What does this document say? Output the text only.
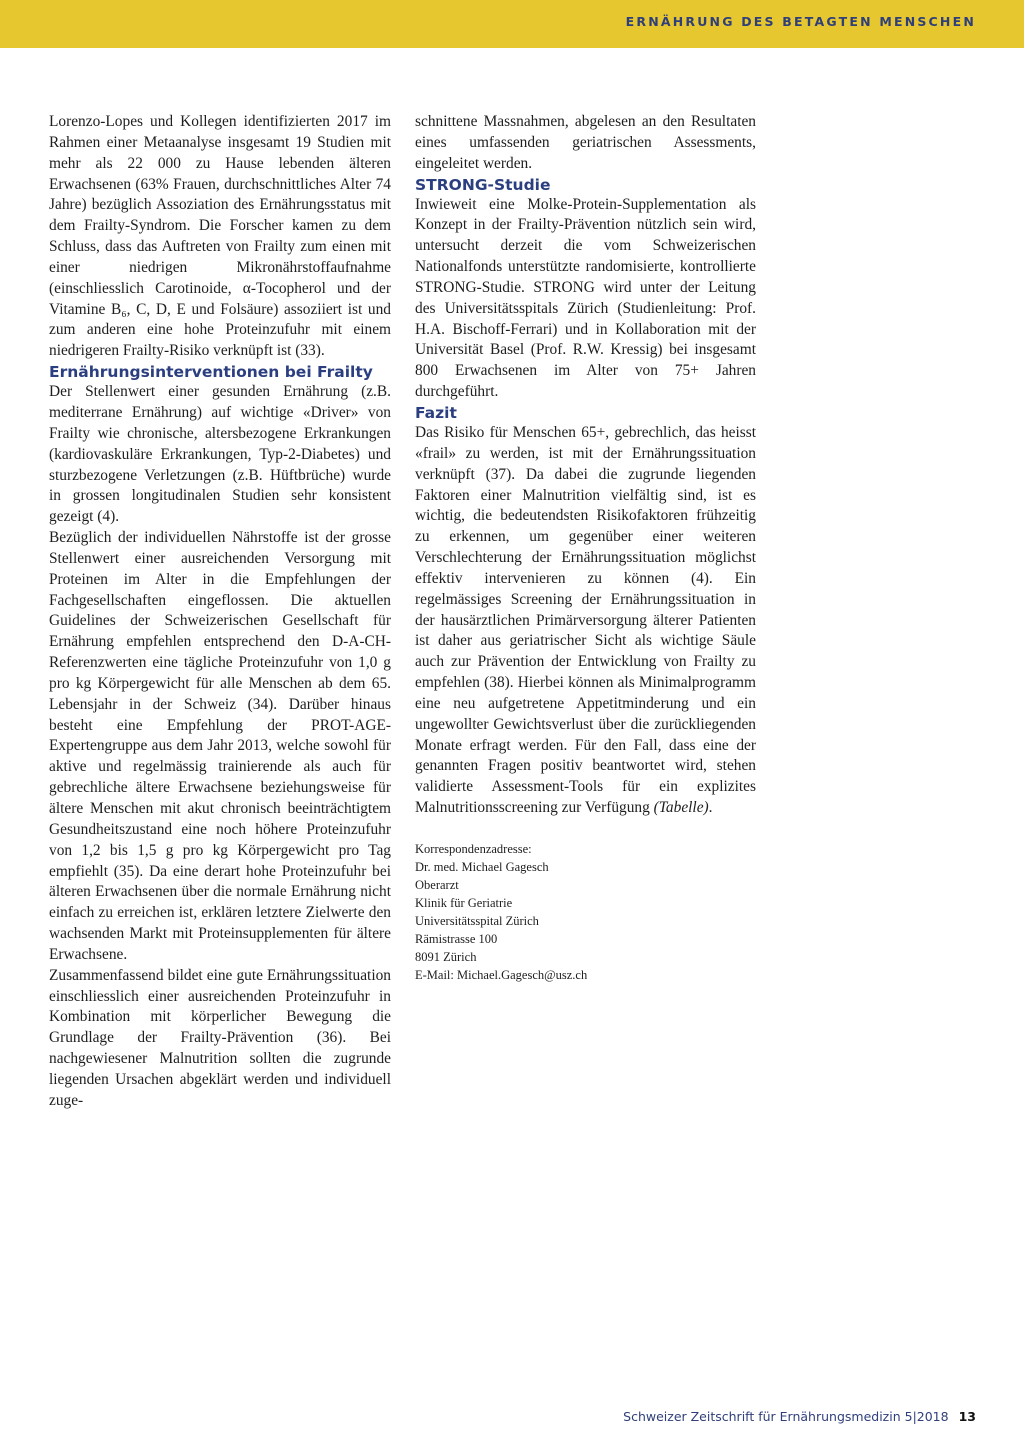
ERNÄHRUNG DES BETAGTEN MENSCHEN

Lorenzo-Lopes und Kollegen identifizierten 2017 im Rahmen einer Metaanalyse insgesamt 19 Studien mit mehr als 22 000 zu Hause lebenden älteren Erwachsenen (63% Frauen, durchschnittliches Alter 74 Jahre) bezüglich Assoziation des Ernährungsstatus mit dem Frailty-Syndrom. Die Forscher kamen zu dem Schluss, dass das Auftreten von Frailty zum einen mit einer niedrigen Mikronährstoffaufnahme (einschliesslich Carotinoide, α-Tocopherol und der Vitamine B₆, C, D, E und Folsäure) assoziiert ist und zum anderen eine hohe Proteinzufuhr mit einem niedrigeren Frailty-Risiko verknüpft ist (33).

Ernährungsinterventionen bei Frailty

Der Stellenwert einer gesunden Ernährung (z.B. mediterrane Ernährung) auf wichtige «Driver» von Frailty wie chronische, altersbezogene Erkrankungen (kardiovaskuläre Erkrankungen, Typ-2-Diabetes) und sturzbezogene Verletzungen (z.B. Hüftbrüche) wurde in grossen longitudinalen Studien sehr konsistent gezeigt (4).

Bezüglich der individuellen Nährstoffe ist der grosse Stellenwert einer ausreichenden Versorgung mit Proteinen im Alter in die Empfehlungen der Fachgesellschaften eingeflossen. Die aktuellen Guidelines der Schweizerischen Gesellschaft für Ernährung empfehlen entsprechend den D-A-CH-Referenzwerten eine tägliche Proteinzufuhr von 1,0 g pro kg Körpergewicht für alle Menschen ab dem 65. Lebensjahr in der Schweiz (34). Darüber hinaus besteht eine Empfehlung der PROT-AGE-Expertengruppe aus dem Jahr 2013, welche sowohl für aktive und regelmässig trainierende als auch für gebrechliche ältere Erwachsene beziehungsweise für ältere Menschen mit akut chronisch beeinträchtigtem Gesundheitszustand eine noch höhere Proteinzufuhr von 1,2 bis 1,5 g pro kg Körpergewicht pro Tag empfiehlt (35). Da eine derart hohe Proteinzufuhr bei älteren Erwachsenen über die normale Ernährung nicht einfach zu erreichen ist, erklären letztere Zielwerte den wachsenden Markt mit Proteinsupplementen für ältere Erwachsene.

Zusammenfassend bildet eine gute Ernährungssituation einschliesslich einer ausreichenden Proteinzufuhr in Kombination mit körperlicher Bewegung die Grundlage der Frailty-Prävention (36). Bei nachgewiesener Malnutrition sollten die zugrunde liegenden Ursachen abgeklärt werden und individuell zuge-

schnittene Massnahmen, abgelesen an den Resultaten eines umfassenden geriatrischen Assessments, eingeleitet werden.

STRONG-Studie

Inwieweit eine Molke-Protein-Supplementation als Konzept in der Frailty-Prävention nützlich sein wird, untersucht derzeit die vom Schweizerischen Nationalfonds unterstützte randomisierte, kontrollierte STRONG-Studie. STRONG wird unter der Leitung des Universitätsspitals Zürich (Studienleitung: Prof. H.A. Bischoff-Ferrari) und in Kollaboration mit der Universität Basel (Prof. R.W. Kressig) bei insgesamt 800 Erwachsenen im Alter von 75+ Jahren durchgeführt.

Fazit

Das Risiko für Menschen 65+, gebrechlich, das heisst «frail» zu werden, ist mit der Ernährungssituation verknüpft (37). Da dabei die zugrunde liegenden Faktoren einer Malnutrition vielfältig sind, ist es wichtig, die bedeutendsten Risikofaktoren frühzeitig zu erkennen, um gegenüber einer weiteren Verschlechterung der Ernährungssituation möglichst effektiv intervenieren zu können (4). Ein regelmässiges Screening der Ernährungssituation in der hausärztlichen Primärversorgung älterer Patienten ist daher aus geriatrischer Sicht als wichtige Säule auch zur Prävention der Entwicklung von Frailty zu empfehlen (38). Hierbei können als Minimalprogramm eine neu aufgetretene Appetitminderung und ein ungewollter Gewichtsverlust über die zurückliegenden Monate erfragt werden. Für den Fall, dass eine der genannten Fragen positiv beantwortet wird, stehen validierte Assessment-Tools für ein explizites Malnutritionsscreening zur Verfügung (Tabelle).

Korrespondenzadresse:
Dr. med. Michael Gagesch
Oberarzt
Klinik für Geriatrie
Universitätsspital Zürich
Rämistrasse 100
8091 Zürich
E-Mail: Michael.Gagesch@usz.ch
Schweizer Zeitschrift für Ernährungsmedizin 5|2018 13
